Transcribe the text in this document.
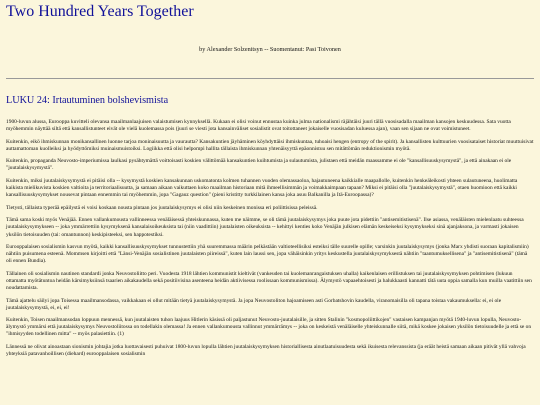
Two Hundred Years Together

by Alexander Solzenitsyn -- Suomentanut: Pasi Toivonen

LUKU 24: Irtautuminen bolshevismista

1900-luvun alussa, Eurooppa kuvitteli olevansa maailmanlaajuisen valaistumisen kynnyksellä. Kukaan ei olisi voinut ennustaa kuinka julma nationalismi räjähtäisi juuri tällä vuosisadalla maailman kansojen keskuudessa. Sata vuotta myöhemmin näyttää siltä että kansallistunteet eivät ole vielä kuolemassa pois (juuri se viesti jota kansainväliset sosialistit ovat toitottaneet jokaiselle vuosisadan kuluessa ajan), vaan sen sijaan ne ovat voimistuneet.

Kuitenkin, eikö ihmiskunnan monikansallinen luonne tarjoa moninaisuutta ja vaurautta? Kansakuntien jäyhäminen köyhdyttäisi ihmiskuntaa, tuhoaisi hengen (entropy of the spirit). Ja kansallisten kulttuurien vuosisataiset historiat muuttuisivat auttamattoman kuolleiksi ja hyödyttömiksi muinaismuistoiksi. Logiikka että olisi helpompi hallita tällaista ihmiskunnan yhtenäisyyttä epäonnistuu sen mitättömän reduktionismin myötä.

Kuitenkin, propaganda Neuvosto-imperiumissa laulkasi pysähtymättä voittoisasti koskien välittömää kansakuntien kuihtumista ja sulautumista, julistaen että meidän maassamme ei ole "kansallisuuskysymystä", ja että ainakaan ei ole "juutalaiskysymystä".

Kuitenkin, miksi juutalaiskysymystä ei pitäisi olla -- kysymystä koskien kansakunnan uskomatonta kolmen tuhannen vuoden olemassaoloa, hajautuneena kaikkialle maapallolle, kuitenkin henkeäleikosti yhteen sulautuneena, huolimatta kaikista mielikuvista koskien valtioita ja territoriaalisuutta, ja samaan aikaan vaikuttaen koko maailman historiaan mitä ihmeellisimmän ja voimakkaimpaan tapaan? Miksi ei pitäisi olla "juutalaiskysymystä", otaen huomioon että kaikki kansallisuuskysymykset nousevat pintaan ennemmin tai myöhemmin, jopa "Gagauz question" (pieni kristitty turkkilainen kansa joka asuu Balkanilla ja Itä-Euroopassa)?

Tietysti, tällaista typerää epäilystä ei voisi koskaan nousta pintaan jos juutalaiskysymys ei olisi niin keskeinen monissa eri poliittisissa peleissä.

Tämä sama koski myös Venäjää. Ennen vallankumousta vallinneessa venäläisessä yhteiskunnassa, kuten me näimme, se oli tämä juutalaiskysymys joka puute jota pidettiin "antisemitistisenä". Ilse asiassa, venäläisten mielenlaatu suhteessa juutalaiskysymykseen -- joka ymmärrettiin kysymyksenä kansalaisoikeuksista tai (niin vaadittiin) juutalaisten oikeuksista -- kehittyi kenties koko Venäjän julkisen elämän keskeiseksi kysymykseksi sinä ajanjaksona, ja varmasti jokaisen yksilön tietoisuuden (tai: omantunnon) keskipisteeksi, sen happotestiksi.

Eurooppalaisen sosialismin kasvun myötä, kaikki kansallisuuskysymykset tunnustettiin yhä suuremmassa määrin pelkästään valtioteellisiksi esteiksi tälle suurelle opille; varsinkin juutalaiskysymys (jonka Marx yhdisti suoraan kapitalismiin) nähtiin puisumena esteenä. Mommsen kirjoitti että "Länsi-Venäjän sosialistinen juutalaisten piireissä", kuten lain laussi sen, jopa vähäisinkin yritys keskustella juutalaiskysymyksestä nähtiin "taantumuksellisena" ja "antisemitistisenä" (tämä oli ennen Bundia).

Tällainen oli sosialismin nautinen standardi jonka Neuvostoliitto peri. Vuodesta 1918 lähtien kommunistit kieltivät (vankeuden tai kuolemanrangaistuksen uhalla) kaikenlaisen erillistuksen tai juutalaiskysymyksen pohtimisen (lukuun ottamatta myötätuntoa heidän kärsimyksiinsä tsaarien aikakaudella sekä positiivisina asenteena heidän aktiivisessa roolissaan kommunismissa). Älymystö vapaaehtoisesti ja halukkaasti kannatti tätä uuta oppia samalla kun muilla vaatittiin sen noudattamista.

Tämä ajattelu säilyi jopa Toisessa maailmansodassa, vaikkakaan ei ollut mitään tietyä juutalaiskysymystä. Ja jopa Neuvostoliton hajoamiseen asti Gorbatshovin kaudella, viranomaisilla oli tapana toistaa vakaumuksella: ei, ei ole juutalaiskysymystä, ei, ei, ei!

Kuitenkin, Toisen maailmansodan loppuun mennessä, kun juutalaisten tuhon laajuus Hitlerin käsissä oli paljastunut Neuvosto-juutalaisille, ja sitten Stalinin "kosmopoliittikojen" vastaisen kampanjan myötä 1940-luvun lopulla, Neuvosto-älymystö ymmärsi että juutalaiskysymys Neuvostoliitossa on todellakin olemassa! Ja ennen vallankumousta vallinnut ymmärrämys -- joka on keskeistä venäläiselle yhteiskunnalle siitä, mikä koskee jokaisen yksilön tietoisuudelle ja että se on "ihmisyyden todellinen mitta" -- myös palasiettiin. (1)

Lännessä ne olivat ainoastaan sionismin johtajia jotka luottavaisesti puhuivat 1800-luvun lopulla lähtien juutalaiskysymyksen historiallisesta ainutlaatuisuudesta sekä ikuisesta relevanssista (ja eräät heistä samaan aikaan pitivät yllä vahvoja yhteyksiä patavanhoillisen (diehard) eurooppalaisen sosialismin
